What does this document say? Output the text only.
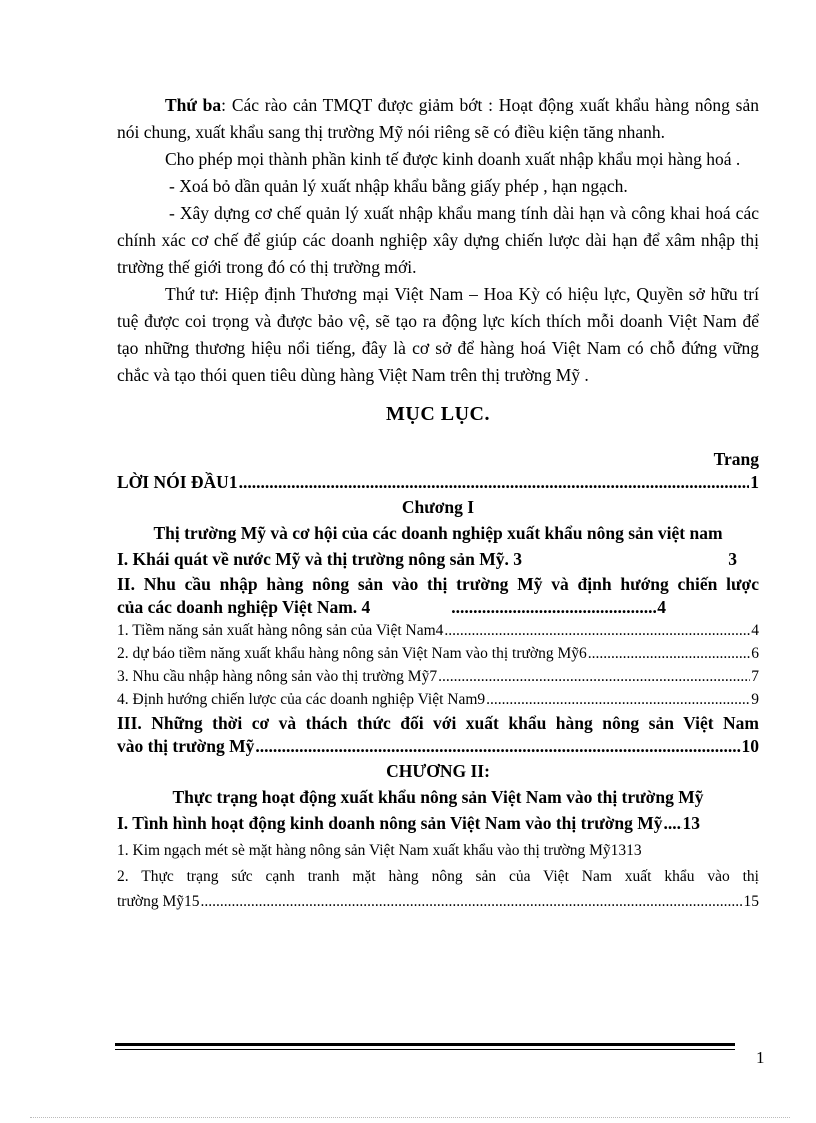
Thứ ba: Các rào cản TMQT được giảm bớt : Hoạt động xuất khẩu hàng nông sản nói chung, xuất khẩu sang thị trường Mỹ nói riêng sẽ có điều kiện tăng nhanh.

Cho phép mọi thành phần kinh tế được kinh doanh xuất nhập khẩu mọi hàng hoá .

- Xoá bỏ dần quản lý xuất nhập khẩu bằng giấy phép , hạn ngạch.

- Xây dựng cơ chế quản lý xuất nhập khẩu mang tính dài hạn và công khai hoá các chính xác cơ chế để giúp các doanh nghiệp xây dựng chiến lược dài hạn để xâm nhập thị trường thế giới trong đó có thị trường mới.

Thứ tư: Hiệp định Thương mại Việt Nam – Hoa Kỳ có hiệu lực, Quyền sở hữu trí tuệ được coi trọng và được bảo vệ, sẽ tạo ra động lực kích thích mỗi doanh Việt Nam để tạo những thương hiệu nổi tiếng, đây là cơ sở để hàng hoá Việt Nam có chỗ đứng vững chắc và tạo thói quen tiêu dùng hàng Việt Nam trên thị trường Mỹ .

MỤC LỤC.
Trang
LỜI NÓI ĐẦU1 .....	1
Chương I
Thị trường Mỹ và cơ hội của các doanh nghiệp xuất khẩu nông sản việt nam
I. Khái quát về nước Mỹ và thị trường nông sản Mỹ. 3	3
II. Nhu cầu nhập hàng nông sản vào thị trường Mỹ và định hướng chiến lược
của các doanh nghiệp Việt Nam. 4 .....	4
1. Tiềm năng sản xuất hàng nông sản của Việt Nam4 .....	4
2. dự báo tiềm năng xuất khẩu hàng nông sản Việt Nam vào thị trường Mỹ6 .....	6
3. Nhu cầu nhập hàng nông sản vào thị trường Mỹ7 .....	7
4. Định hướng chiến lược của các doanh nghiệp Việt Nam9 .....	9
III. Những thời cơ và thách thức đối với xuất khẩu hàng nông sản Việt Nam
vào thị trường Mỹ .....	10
CHƯƠNG II:
Thực trạng hoạt động xuất khẩu nông sản Việt Nam vào thị trường Mỹ
I. Tình hình hoạt động kinh doanh nông sản Việt Nam vào thị trường Mỹ ..... 13
1. Kim ngạch mét sè mặt hàng nông sản Việt Nam xuất khẩu vào thị trường Mỹ1313
2. Thực trạng sức cạnh tranh mặt hàng nông sản của Việt Nam xuất khẩu vào thị
trường Mỹ15 .....	15
1
